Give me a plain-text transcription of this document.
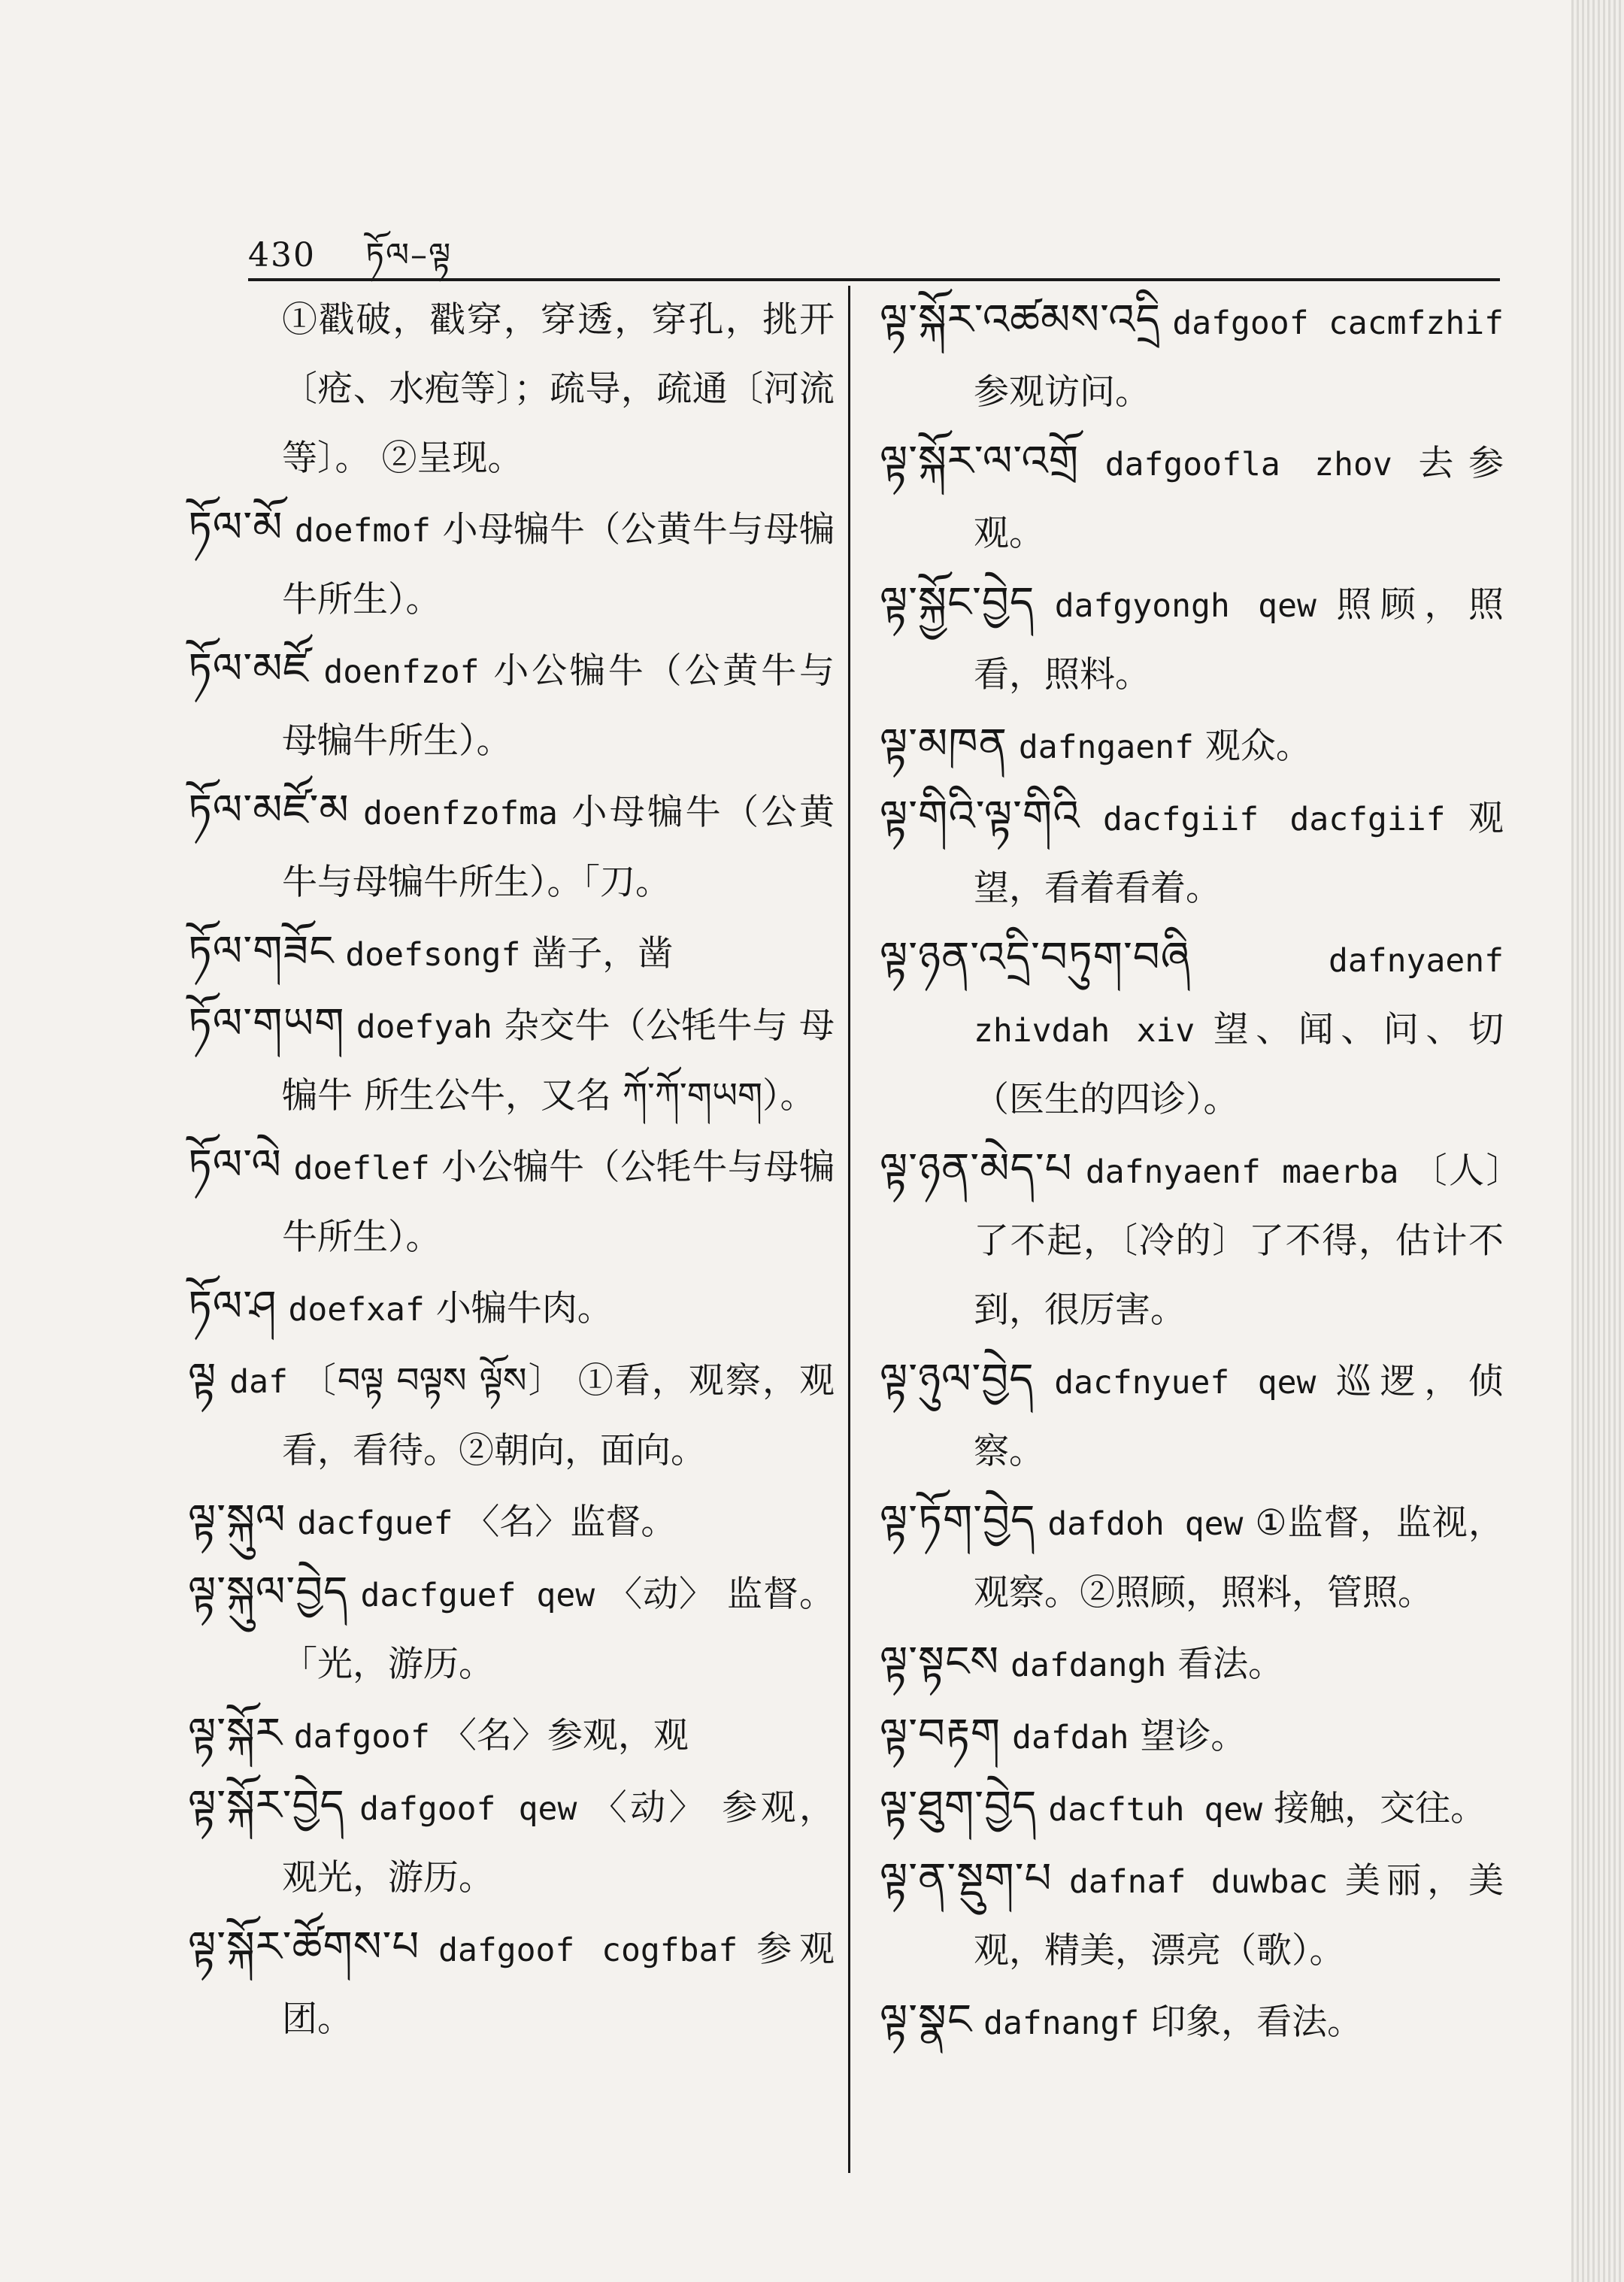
430 ཏོལ–ལྟ
①戳破，戳穿，穿透，穿孔，挑开〔疮、水疱等〕；疏导，疏通〔河流等〕。 ②呈现。
ཏོལ་མོ doefmof 小母犏牛（公黄牛与母犏牛所生）。
ཏོལ་མཛོ doenfzof 小公犏牛（公黄牛与母犏牛所生）。
ཏོལ་མཛོ་མ doenfzofma 小母犏牛（公黄牛与母犏牛所生）。「刀。
ཏོལ་གཟོང doefsongf 凿子，凿
ཏོལ་གཡག doefyah 杂交牛（公牦牛与 母犏牛 所生公牛，又名 ཀོ་ཀོ་གཡག）。
ཏོལ་ལེ doeflef 小公犏牛（公牦牛与母犏牛所生）。
ཏོལ་ཤ doefxaf 小犏牛肉。
ལྟ daf 〔བལྟ བལྟས ལྟོས〕 ①看，观察，观看，看待。②朝向，面向。
ལྟ་སྐུལ dacfguef 〈名〉监督。
ལྟ་སྐུལ་བྱེད dacfguef qew 〈动〉 监督。 「光，游历。
ལྟ་སྐོར dafgoof 〈名〉参观，观
ལྟ་སྐོར་བྱེད dafgoof qew 〈动〉 参观，观光，游历。
ལྟ་སྐོར་ཚོགས་པ dafgoof cogfbaf 参观团。
ལྟ་སྐོར་འཚམས་འདྲི dafgoof cacmfzhif 参观访问。
ལྟ་སྐོར་ལ་འགྲོ dafgoofla zhov 去参观。
ལྟ་སྐྱོང་བྱེད dafgyongh qew 照顾，照看，照料。
ལྟ་མཁན dafngaenf 观众。
ལྟ་གིའི་ལྟ་གིའི dacfgiif dacfgiif 观望，看着看着。
ལྟ་ཉན་འདྲི་བཏུག་བཞི	dafnyaenf zhivdah xiv 望、闻、问、切（医生的四诊）。
ལྟ་ཉན་མེད་པ dafnyaenf maerba 〔人〕了不起，〔冷的〕了不得，估计不到，很厉害。
ལྟ་ཉུལ་བྱེད dacfnyuef qew 巡逻，侦察。
ལྟ་ཏོག་བྱེད dafdoh qew ①监督，监视，观察。②照顾，照料，管照。
ལྟ་སྟངས dafdangh 看法。
ལྟ་བརྟག dafdah 望诊。
ལྟ་ཐུག་བྱེད dacftuh qew 接触，交往。
ལྟ་ན་སྡུག་པ dafnaf duwbac 美丽，美观，精美，漂亮（歌）。
ལྟ་སྣང dafnangf 印象，看法。
